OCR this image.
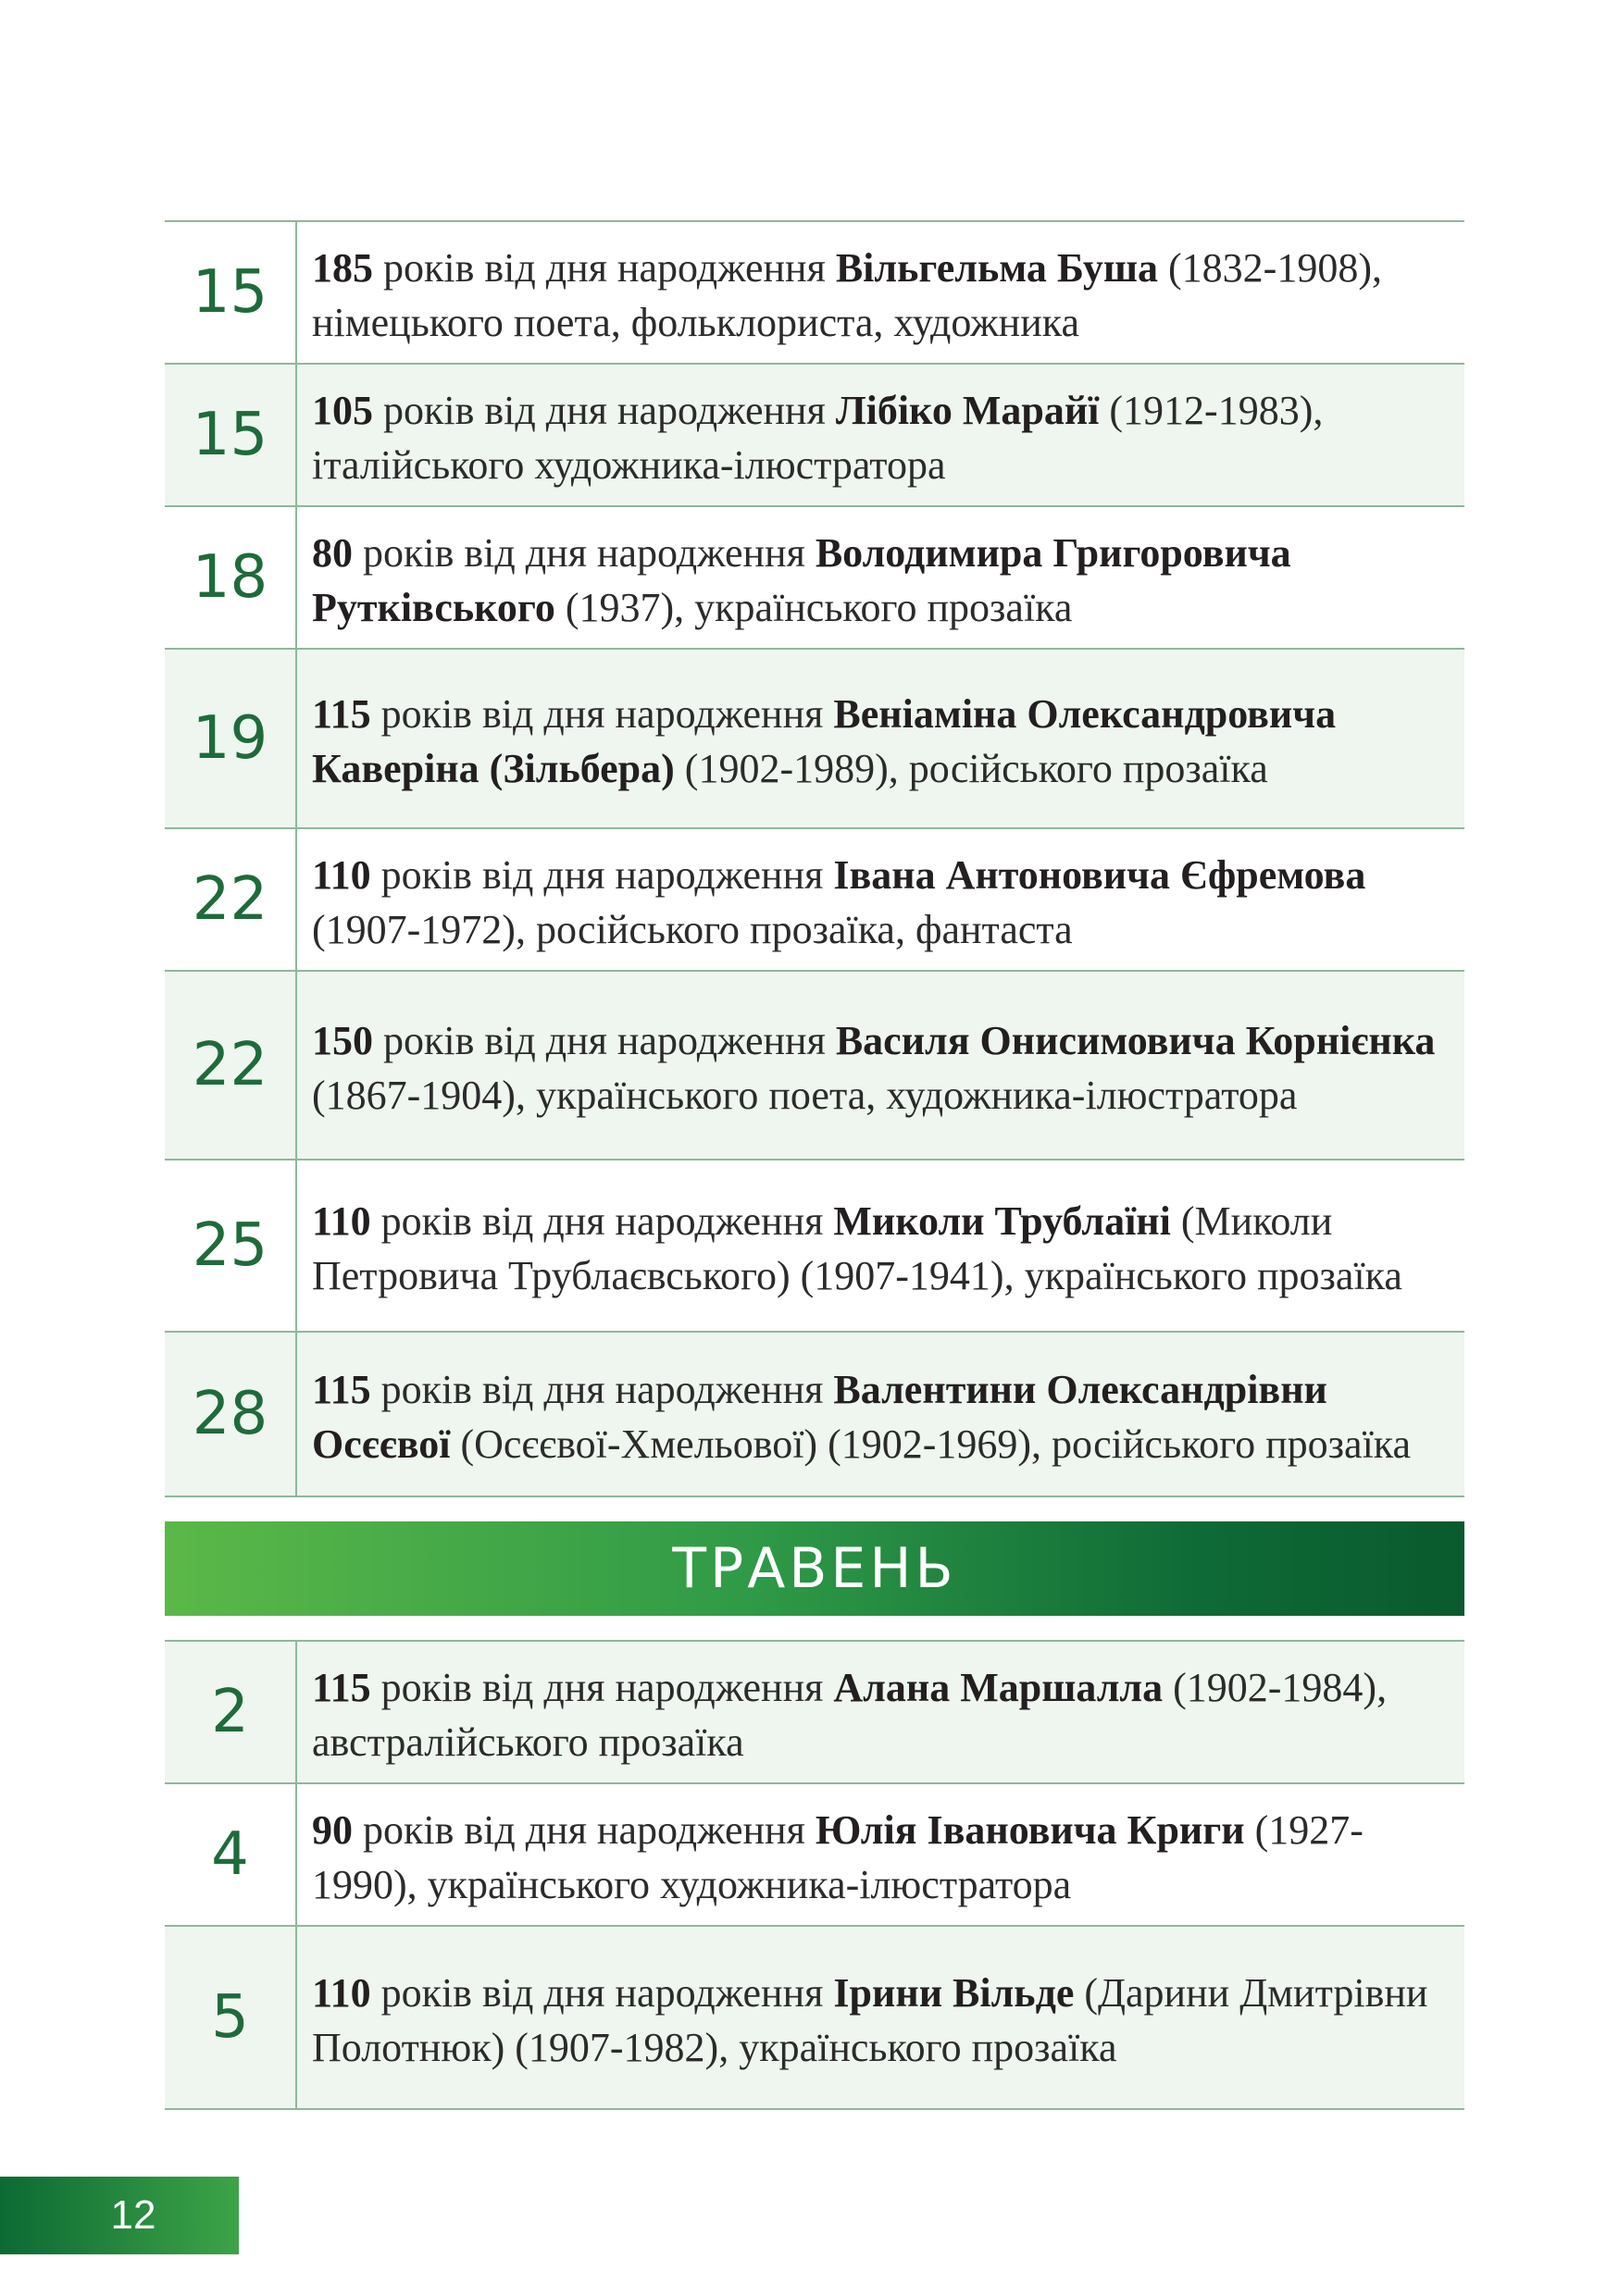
15	185 років від дня народження Вільгельма Буша (1832-1908), німецького поета, фольклориста, художника
15	105 років від дня народження Лібіко Марайї (1912-1983), італійського художника-ілюстратора
18	80 років від дня народження Володимира Григоровича Рутківського (1937), українського прозаїка
19	115 років від дня народження Веніаміна Олександровича Каверіна (Зільбера) (1902-1989), російського прозаїка
22	110 років від дня народження Івана Антоновича Єфремова (1907-1972), російського прозаїка, фантаста
22	150 років від дня народження Василя Онисимовича Корнієнка (1867-1904), українського поета, художника-ілюстратора
25	110 років від дня народження Миколи Трублаїні (Миколи Петровича Трублаєвського) (1907-1941), українського прозаїка
28	115 років від дня народження Валентини Олександрівни Осєєвої (Осєєвої-Хмельової) (1902-1969), російського прозаїка
ТРАВЕНЬ
2	115 років від дня народження Алана Маршалла (1902-1984), австралійського прозаїка
4	90 років від дня народження Юлія Івановича Криги (1927-1990), українського художника-ілюстратора
5	110 років від дня народження Ірини Вільде (Дарини Дмитрівни Полотнюк) (1907-1982), українського прозаїка
12
